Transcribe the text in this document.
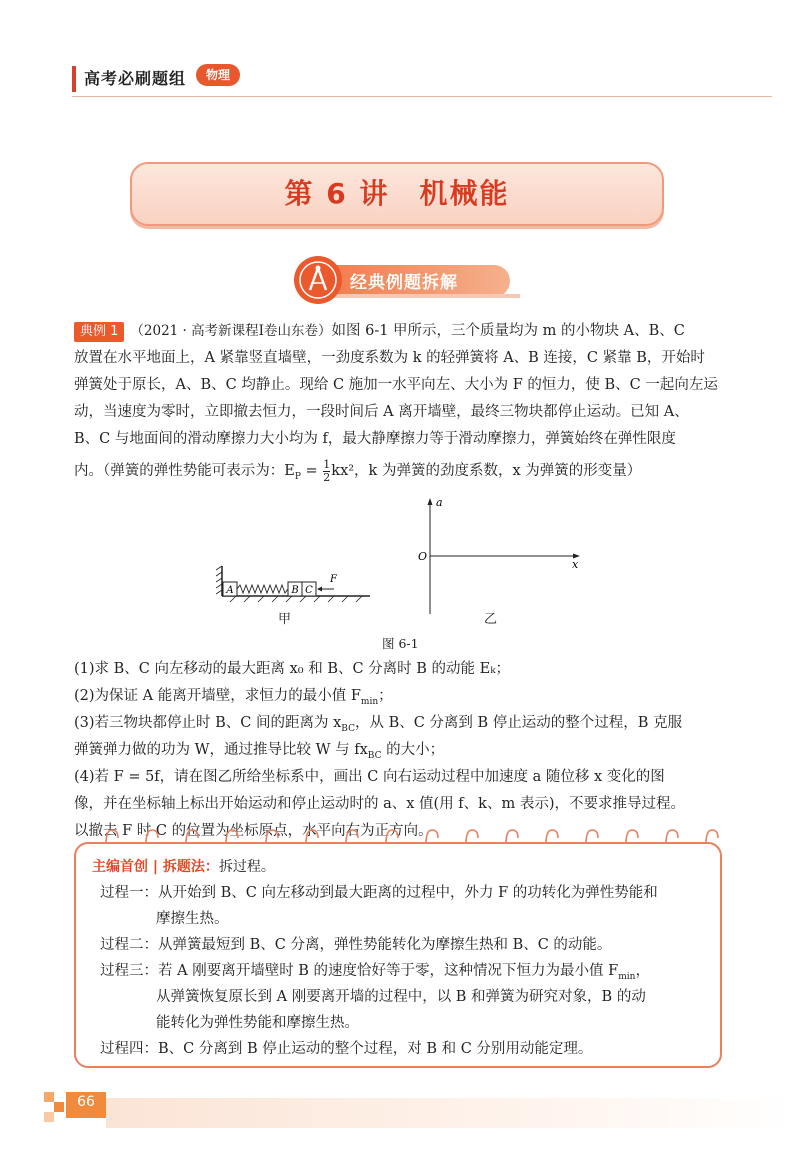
高考必刷题组	物理
第 6 讲　机械能
经典例题拆解
典例 1 （2021 · 高考新课程Ⅰ卷山东卷）如图 6-1 甲所示，三个质量均为 m 的小物块 A、B、C
放置在水平地面上，A 紧靠竖直墙壁，一劲度系数为 k 的轻弹簧将 A、B 连接，C 紧靠 B，开始时
弹簧处于原长，A、B、C 均静止。现给 C 施加一水平向左、大小为 F 的恒力，使 B、C 一起向左运
动，当速度为零时，立即撤去恒力，一段时间后 A 离开墙壁，最终三物块都停止运动。已知 A、
B、C 与地面间的滑动摩擦力大小均为 f，最大静摩擦力等于滑动摩擦力，弹簧始终在弹性限度
内。（弹簧的弹性势能可表示为：$E_P = \frac{1}{2} kx^2$，k 为弹簧的劲度系数，x 为弹簧的形变量）
A	B C
F
甲
a
O
x
乙
图 6-1
(1)求 B、C 向左移动的最大距离 x₀ 和 B、C 分离时 B 的动能 Eₖ；
(2)为保证 A 能离开墙壁，求恒力的最小值 $F_{min}$；
(3)若三物块都停止时 B、C 间的距离为 $x_{BC}$，从 B、C 分离到 B 停止运动的整个过程，B 克服
弹簧弹力做的功为 W，通过推导比较 W 与 $fx_{BC}$ 的大小；
(4)若 F = 5f，请在图乙所给坐标系中，画出 C 向右运动过程中加速度 a 随位移 x 变化的图
像，并在坐标轴上标出开始运动和停止运动时的 a、x 值(用 f、k、m 表示)，不要求推导过程。
以撤去 F 时 C 的位置为坐标原点，水平向右为正方向。
主编首创 | 拆题法：拆过程。
过程一：从开始到 B、C 向左移动到最大距离的过程中，外力 F 的功转化为弹性势能和
摩擦生热。
过程二：从弹簧最短到 B、C 分离，弹性势能转化为摩擦生热和 B、C 的动能。
过程三：若 A 刚要离开墙壁时 B 的速度恰好等于零，这种情况下恒力为最小值 $F_{min}$，
从弹簧恢复原长到 A 刚要离开墙的过程中，以 B 和弹簧为研究对象，B 的动
能转化为弹性势能和摩擦生热。
过程四：B、C 分离到 B 停止运动的整个过程，对 B 和 C 分别用动能定理。
66
